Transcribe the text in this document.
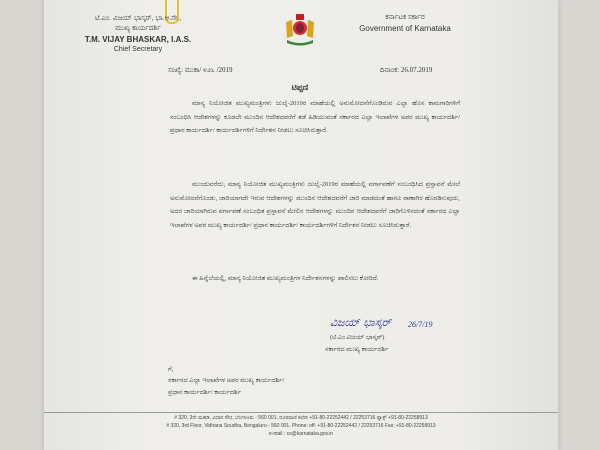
ಟಿ.ಎಂ. ವಿಜಯ್ ಭಾಸ್ಕರ್, ಭಾ.ಆ.ಸೇ.,
ಮುಖ್ಯ ಕಾರ್ಯದರ್ಶಿ
T.M. VIJAY BHASKAR, I.A.S.
Chief Secretary
ಕರ್ನಾಟಕ ಸರ್ಕಾರ
Government of Karnataka
ಸಂಖ್ಯೆ: ಮುಕಾ/ ೪೨೬ /2019	ದಿನಾಂಕ: 26.07.2019
ಟಿಪ್ಪಣಿ
ಮಾನ್ಯ ನಿಯೋಜಿತ ಮುಖ್ಯಮಂತ್ರಿಗಳು ಜುಲೈ-2019ರ ಮಾಹೆಯಲ್ಲಿ ಅನುಮೋದನೆಗೊಂಡಿರುವ ಎಲ್ಲಾ ಹೊಸ ಕಾಮಗಾರಿಗಳಿಗೆ ಸಂಬಂಧಿಸಿ ಆದೇಶಗಳನ್ನು ಕೂಡಲೇ ಮುಂದಿನ ಆದೇಶದವರೆಗೆ ತಡೆ ಹಿಡಿಯುವಂತೆ ಸರ್ಕಾರದ ಎಲ್ಲಾ ಇಲಾಖೆಗಳ ಅಪರ ಮುಖ್ಯ ಕಾರ್ಯದರ್ಶಿ/ ಪ್ರಧಾನ ಕಾರ್ಯದರ್ಶಿ/ ಕಾರ್ಯದರ್ಶಿಗಳಿಗೆ ನಿರ್ದೇಶನ ನೀಡಲು ಸೂಚಿಸಿರುತ್ತಾರೆ.
ಮುಂದುವರೆದು, ಮಾನ್ಯ ನಿಯೋಜಿತ ಮುಖ್ಯಮಂತ್ರಿಗಳು ಜುಲೈ-2019ರ ಮಾಹೆಯಲ್ಲಿ ವರ್ಗಾವಣೆಗೆ ಸಂಬಂಧಿಸಿದ ಪ್ರಸ್ತಾವನೆ ಮೇಲೆ ಅನುಮೋದನೆಗೊಂಡು, ಜಾರಿಯಾಗದೇ ಇರುವ ಆದೇಶಗಳನ್ನು ಮುಂದಿನ ಆದೇಶದವರೆಗೆ ಜಾರಿ ಮಾಡದಂತೆ ಹಾಗೂ ಠಾಣಾಗಿರ ಹೊರಡಿಸುವುದು, ಅದರ ಜಾರಿಯಾಗಿರುವ ವರ್ಗಾವಣೆ ಸಂಬಂಧಿತ ಪ್ರಸ್ತಾವನೆ ಮೇಲಿನ ಆದೇಶಗಳನ್ನು ಮುಂದಿನ ಆದೇಶದವರೆಗೆ ಜಾರಿಗೊಳಿಸದಂತೆ ಸರ್ಕಾರದ ಎಲ್ಲಾ ಇಲಾಖೆಗಳ ಅಪರ ಮುಖ್ಯ ಕಾರ್ಯದರ್ಶಿ/ ಪ್ರಧಾನ ಕಾರ್ಯದರ್ಶಿ/ ಕಾರ್ಯದರ್ಶಿಗಳಿಗೆ ನಿರ್ದೇಶನ ನೀಡಲು ಸೂಚಿಸಿರುತ್ತಾರೆ.
ಈ ಹಿನ್ನೆಲೆಯಲ್ಲಿ, ಮಾನ್ಯ ನಿಯೋಜಿತ ಮುಖ್ಯಮಂತ್ರಿಗಳ ನಿರ್ದೇಶನಗಳನ್ನು ಪಾಲಿಸಲು ಕೋರಿದೆ.
ವಿಜಯ್ ಭಾಸ್ಕರ್ 26/7/19
(ಟಿ.ಎಂ.ವಿಜಯ್ ಭಾಸ್ಕರ್)
ಸರ್ಕಾರದ ಮುಖ್ಯ ಕಾರ್ಯದರ್ಶಿ
ಗೆ,
ಸರ್ಕಾರದ ಎಲ್ಲಾ ಇಲಾಖೆಗಳ ಅಪರ ಮುಖ್ಯ ಕಾರ್ಯದರ್ಶಿ/
ಪ್ರಧಾನ ಕಾರ್ಯದರ್ಶಿ/ ಕಾರ್ಯದರ್ಶಿ
# 320, 3ನೇ ಮಹಡಿ, ವಿಧಾನ ಸೌಧ, ಬೆಂಗಳೂರು - 560 001, ದೂರವಾಣಿ ಕಛೇರಿ +91-80-22252442 / 22253716 ಫ್ಯಾಕ್ಸ್ +91-80-22258913
# 320, 3rd Floor, Vidhana Soudha, Bengaluru - 560 001. Phone: off. +91-80-22252442 / 22253716 Fax: +91-80-22258913
e-mail : cs@karnataka.gov.in
